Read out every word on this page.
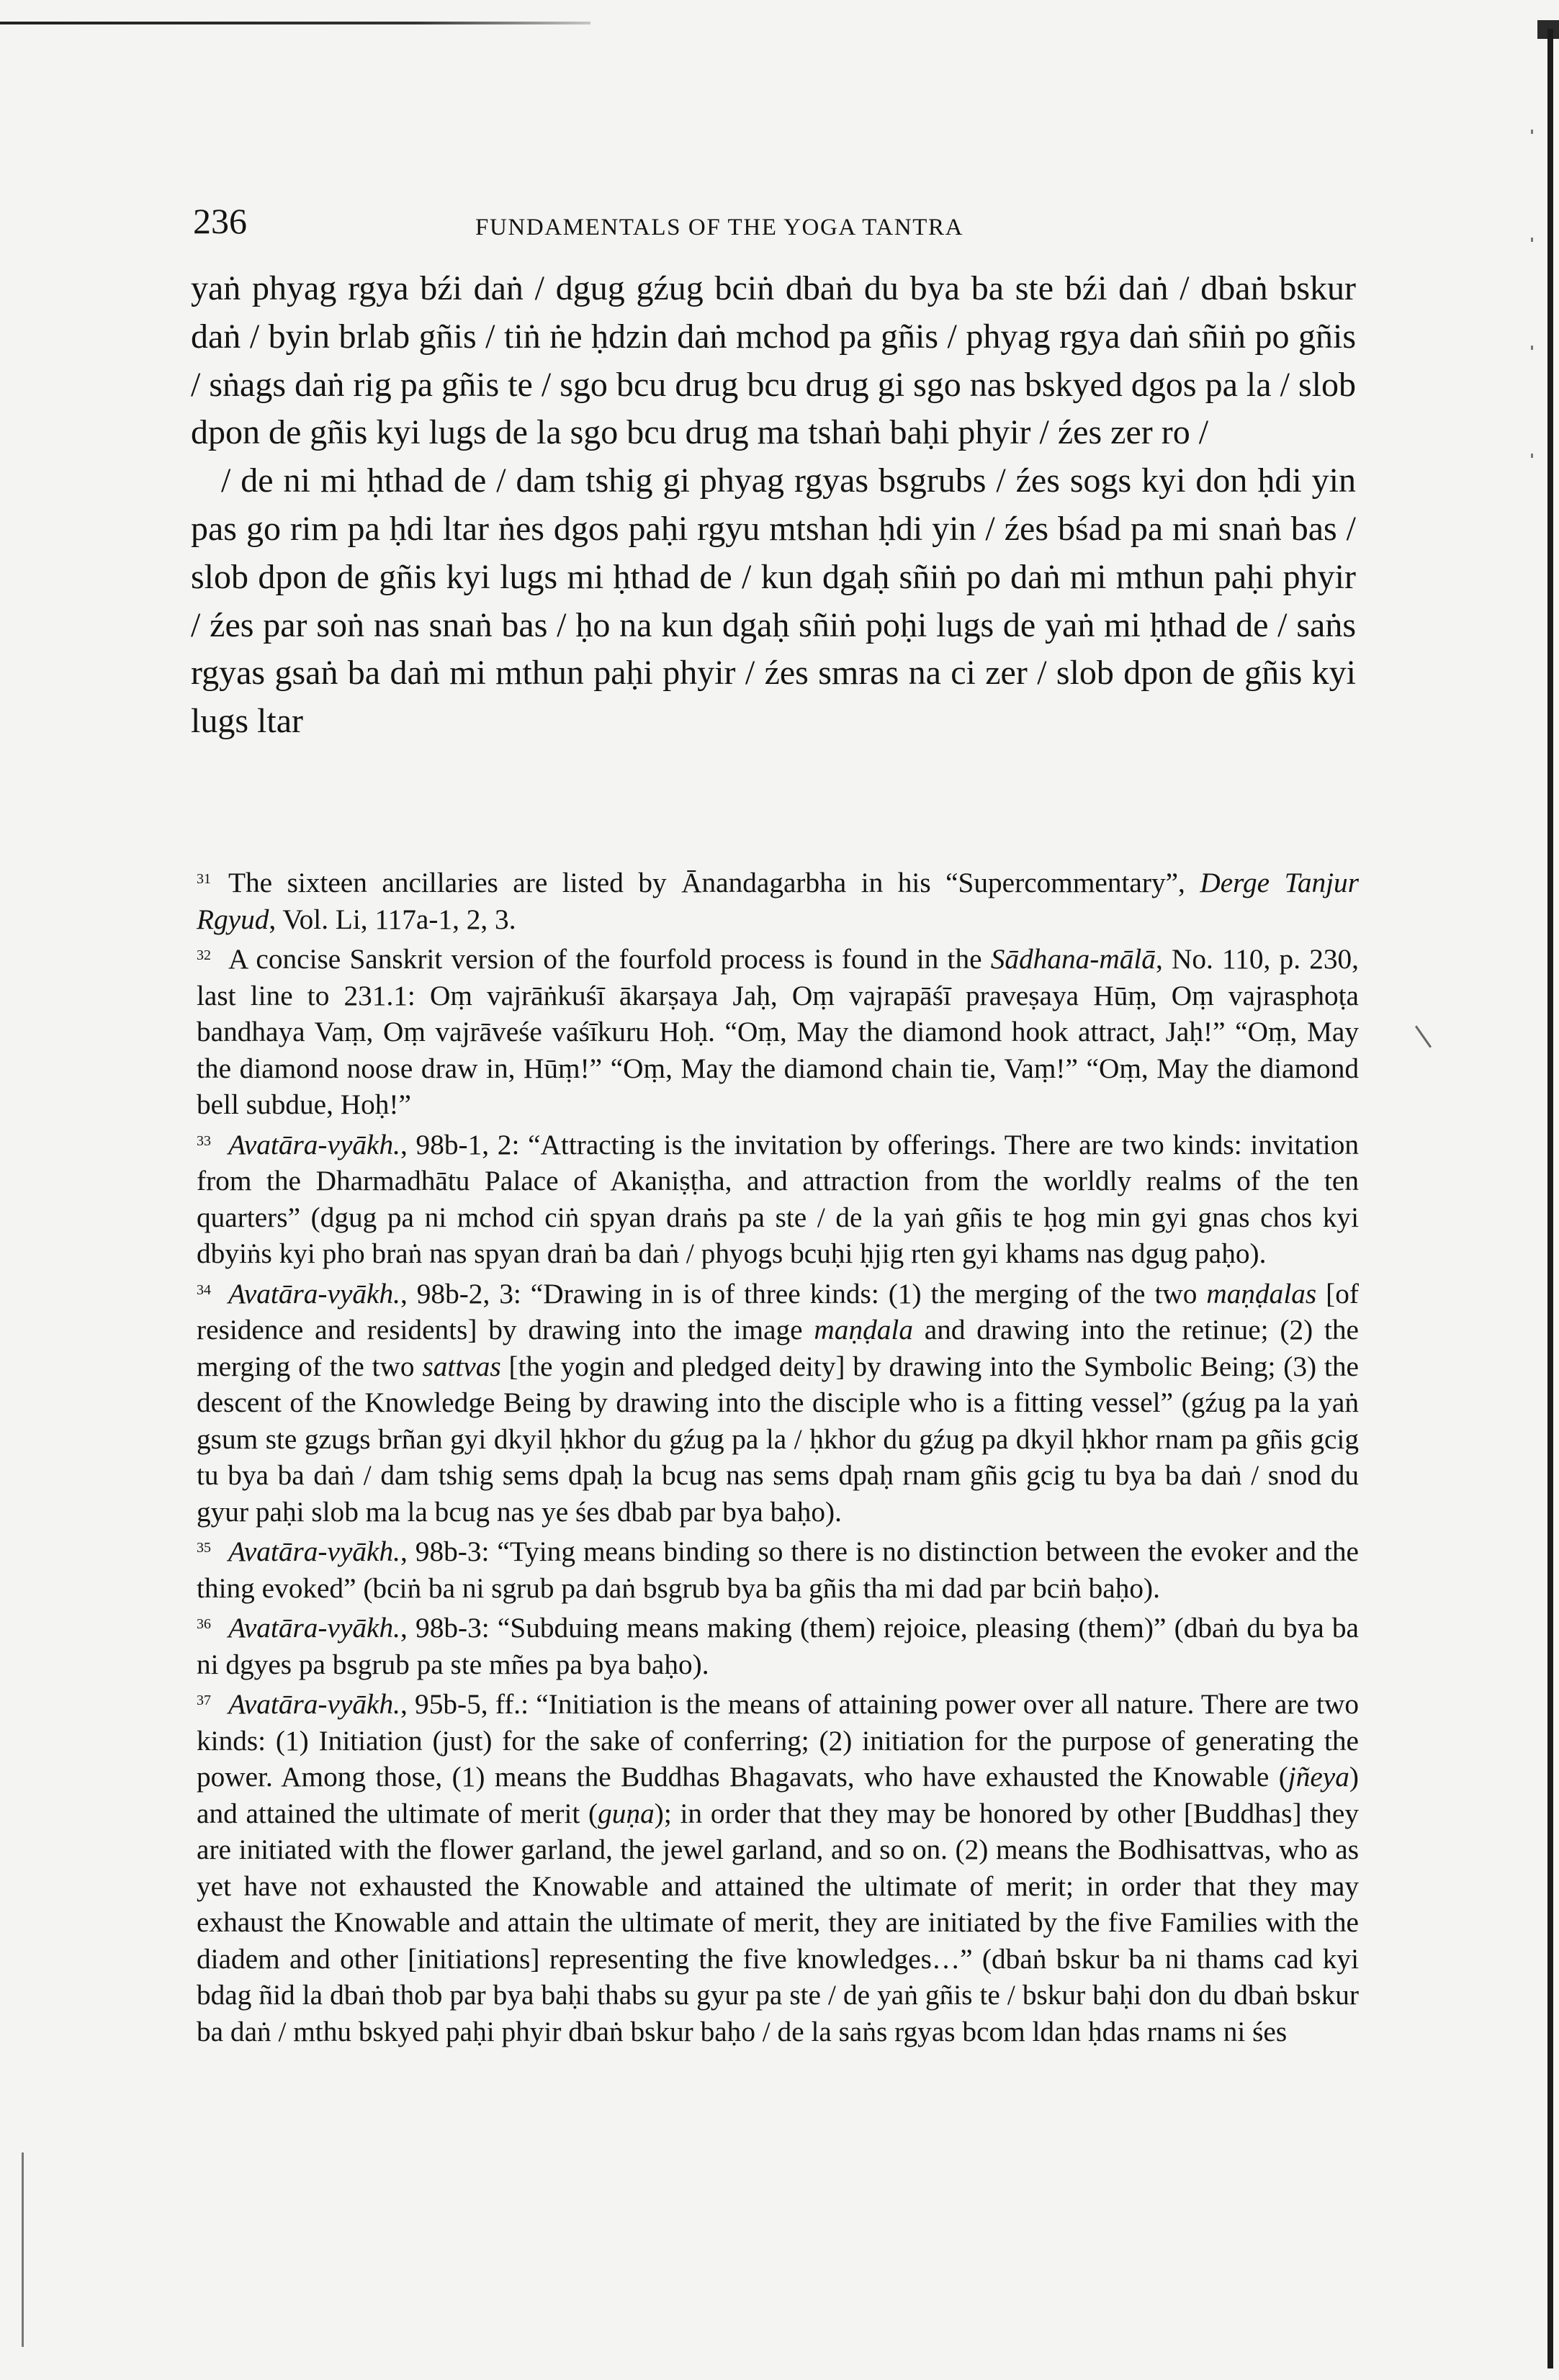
236	FUNDAMENTALS OF THE YOGA TANTRA

yaṅ phyag rgya bźi daṅ / dgug gźug bciṅ dbaṅ du bya ba ste bźi daṅ / dbaṅ bskur daṅ / byin brlab gñis / tiṅ ṅe ḥdzin daṅ mchod pa gñis / phyag rgya daṅ sñiṅ po gñis / sṅags daṅ rig pa gñis te / sgo bcu drug bcu drug gi sgo nas bskyed dgos pa la / slob dpon de gñis kyi lugs de la sgo bcu drug ma tshaṅ baḥi phyir / źes zer ro /

/ de ni mi ḥthad de / dam tshig gi phyag rgyas bsgrubs / źes sogs kyi don ḥdi yin pas go rim pa ḥdi ltar ṅes dgos paḥi rgyu mtshan ḥdi yin / źes bśad pa mi snaṅ bas / slob dpon de gñis kyi lugs mi ḥthad de / kun dgaḥ sñiṅ po daṅ mi mthun paḥi phyir / źes par soṅ nas snaṅ bas / ḥo na kun dgaḥ sñiṅ poḥi lugs de yaṅ mi ḥthad de / saṅs rgyas gsaṅ ba daṅ mi mthun paḥi phyir / źes smras na ci zer / slob dpon de gñis kyi lugs ltar

31 The sixteen ancillaries are listed by Ānandagarbha in his “Supercommentary”, Derge Tanjur Rgyud, Vol. Li, 117a-1, 2, 3.

32 A concise Sanskrit version of the fourfold process is found in the Sādhana-mālā, No. 110, p. 230, last line to 231.1: Oṃ vajrāṅkuśī ākarṣaya Jaḥ, Oṃ vajrapāśī praveṣaya Hūṃ, Oṃ vajrasphoṭa bandhaya Vaṃ, Oṃ vajrāveśe vaśīkuru Hoḥ. “Oṃ, May the diamond hook attract, Jaḥ!” “Oṃ, May the diamond noose draw in, Hūṃ!” “Oṃ, May the diamond chain tie, Vaṃ!” “Oṃ, May the diamond bell subdue, Hoḥ!”

33 Avatāra-vyākh., 98b-1, 2: “Attracting is the invitation by offerings. There are two kinds: invitation from the Dharmadhātu Palace of Akaniṣṭha, and attraction from the worldly realms of the ten quarters” (dgug pa ni mchod ciṅ spyan draṅs pa ste / de la yaṅ gñis te ḥog min gyi gnas chos kyi dbyiṅs kyi pho braṅ nas spyan draṅ ba daṅ / phyogs bcuḥi ḥjig rten gyi khams nas dgug paḥo).

34 Avatāra-vyākh., 98b-2, 3: “Drawing in is of three kinds: (1) the merging of the two maṇḍalas [of residence and residents] by drawing into the image maṇḍala and drawing into the retinue; (2) the merging of the two sattvas [the yogin and pledged deity] by drawing into the Symbolic Being; (3) the descent of the Knowledge Being by drawing into the disciple who is a fitting vessel” (gźug pa la yaṅ gsum ste gzugs brñan gyi dkyil ḥkhor du gźug pa la / ḥkhor du gźug pa dkyil ḥkhor rnam pa gñis gcig tu bya ba daṅ / dam tshig sems dpaḥ la bcug nas sems dpaḥ rnam gñis gcig tu bya ba daṅ / snod du gyur paḥi slob ma la bcug nas ye śes dbab par bya baḥo).

35 Avatāra-vyākh., 98b-3: “Tying means binding so there is no distinction between the evoker and the thing evoked” (bciṅ ba ni sgrub pa daṅ bsgrub bya ba gñis tha mi dad par bciṅ baḥo).

36 Avatāra-vyākh., 98b-3: “Subduing means making (them) rejoice, pleasing (them)” (dbaṅ du bya ba ni dgyes pa bsgrub pa ste mñes pa bya baḥo).

37 Avatāra-vyākh., 95b-5, ff.: “Initiation is the means of attaining power over all nature. There are two kinds: (1) Initiation (just) for the sake of conferring; (2) initiation for the purpose of generating the power. Among those, (1) means the Buddhas Bhagavats, who have exhausted the Knowable (jñeya) and attained the ultimate of merit (guṇa); in order that they may be honored by other [Buddhas] they are initiated with the flower garland, the jewel garland, and so on. (2) means the Bodhisattvas, who as yet have not exhausted the Knowable and attained the ultimate of merit; in order that they may exhaust the Knowable and attain the ultimate of merit, they are initiated by the five Families with the diadem and other [initiations] representing the five knowledges…” (dbaṅ bskur ba ni thams cad kyi bdag ñid la dbaṅ thob par bya baḥi thabs su gyur pa ste / de yaṅ gñis te / bskur baḥi don du dbaṅ bskur ba daṅ / mthu bskyed paḥi phyir dbaṅ bskur baḥo / de la saṅs rgyas bcom ldan ḥdas rnams ni śes
